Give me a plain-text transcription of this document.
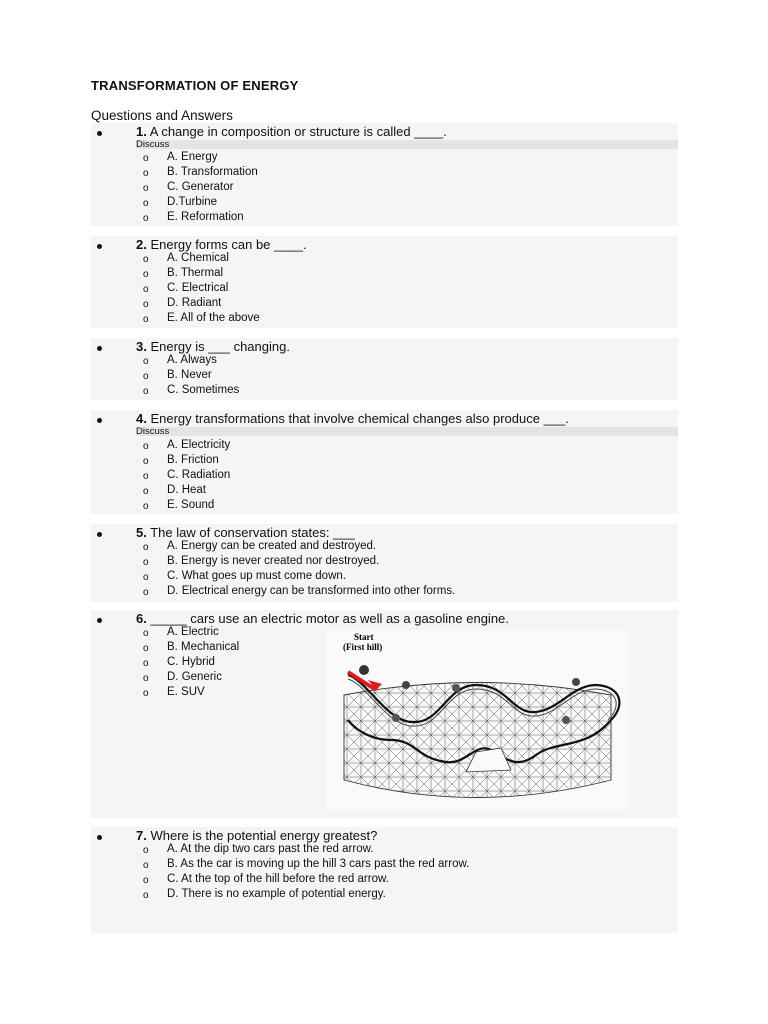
TRANSFORMATION OF ENERGY
Questions and Answers
1. A change in composition or structure is called ____.
Discuss
o A. Energy
o B. Transformation
o C. Generator
o D.Turbine
o E. Reformation
2. Energy forms can be ____.
o A. Chemical
o B. Thermal
o C. Electrical
o D. Radiant
o E. All of the above
3. Energy is ___ changing.
o A. Always
o B. Never
o C. Sometimes
4. Energy transformations that involve chemical changes also produce ___.
Discuss
o A. Electricity
o B. Friction
o C. Radiation
o D. Heat
o E. Sound
5. The law of conservation states: ___
o A. Energy can be created and destroyed.
o B. Energy is never created nor destroyed.
o C. What goes up must come down.
o D. Electrical energy can be transformed into other forms.
6. _____ cars use an electric motor as well as a gasoline engine.
o A. Electric
o B. Mechanical
o C. Hybrid
o D. Generic
o E. SUV
Start
(First hill)
7. Where is the potential energy greatest?
o A. At the dip two cars past the red arrow.
o B. As the car is moving up the hill 3 cars past the red arrow.
o C. At the top of the hill before the red arrow.
o D. There is no example of potential energy.
